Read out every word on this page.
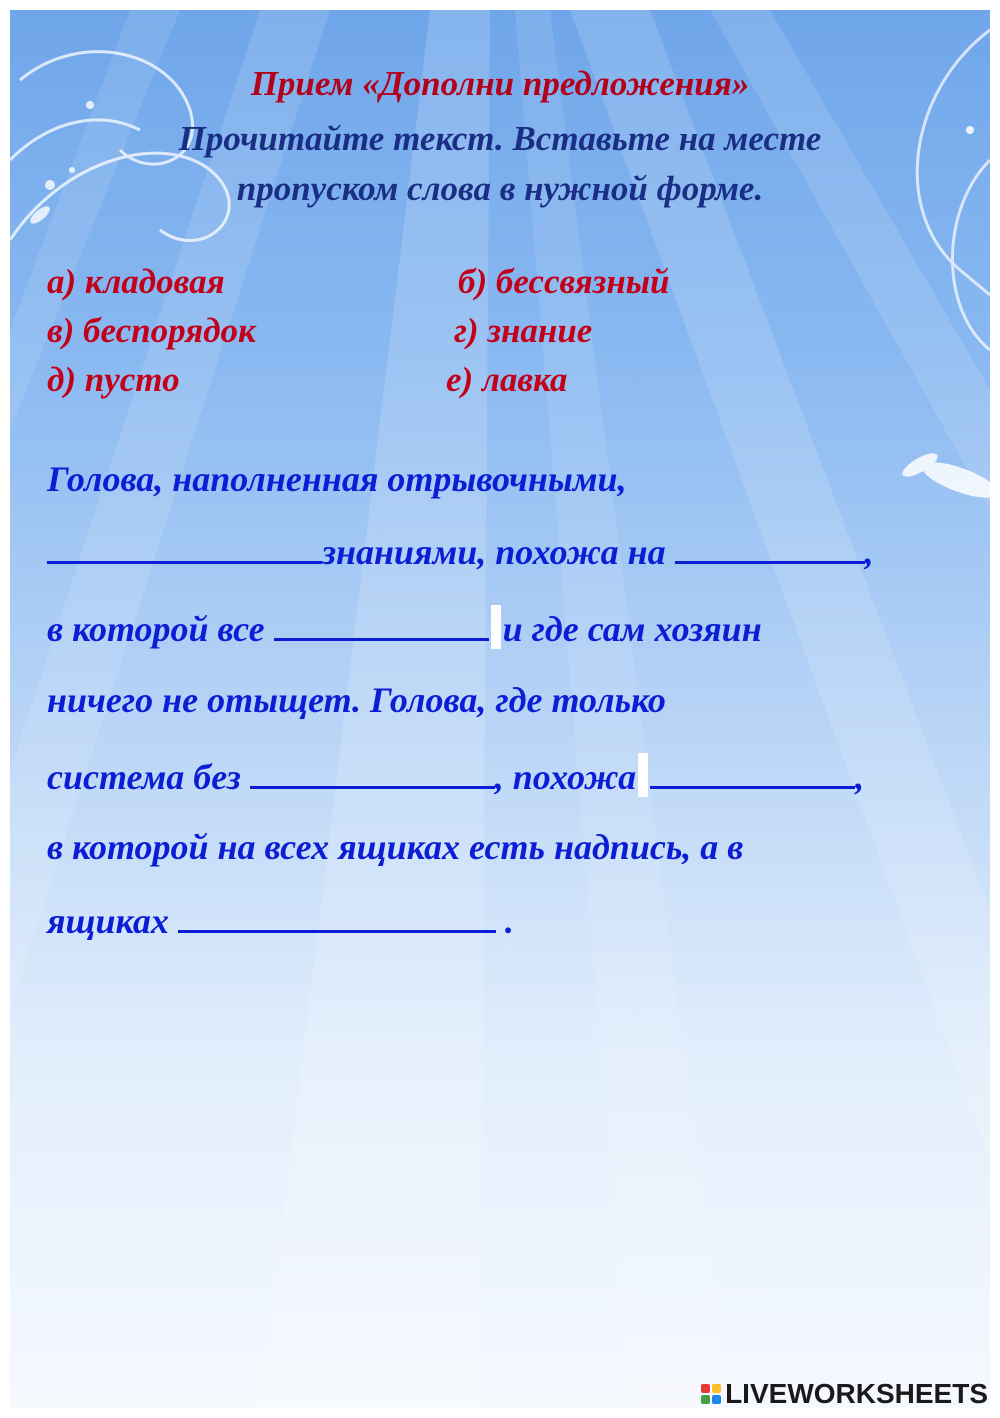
Прием «Дополни предложения»

Прочитайте текст. Вставьте на месте пропуском слова в нужной форме.

а) кладовая	б) бессвязный
в) беспорядок	г) знание
д) пусто	е) лавка
Голова, наполненная отрывочными,
знаниями, похожа на	,
в которой все	и где сам хозяин
ничего не отыщет. Голова, где только
система без	, похожа	,
в которой на всех ящиках есть надпись, а в
ящиках	.
LIVEWORKSHEETS
